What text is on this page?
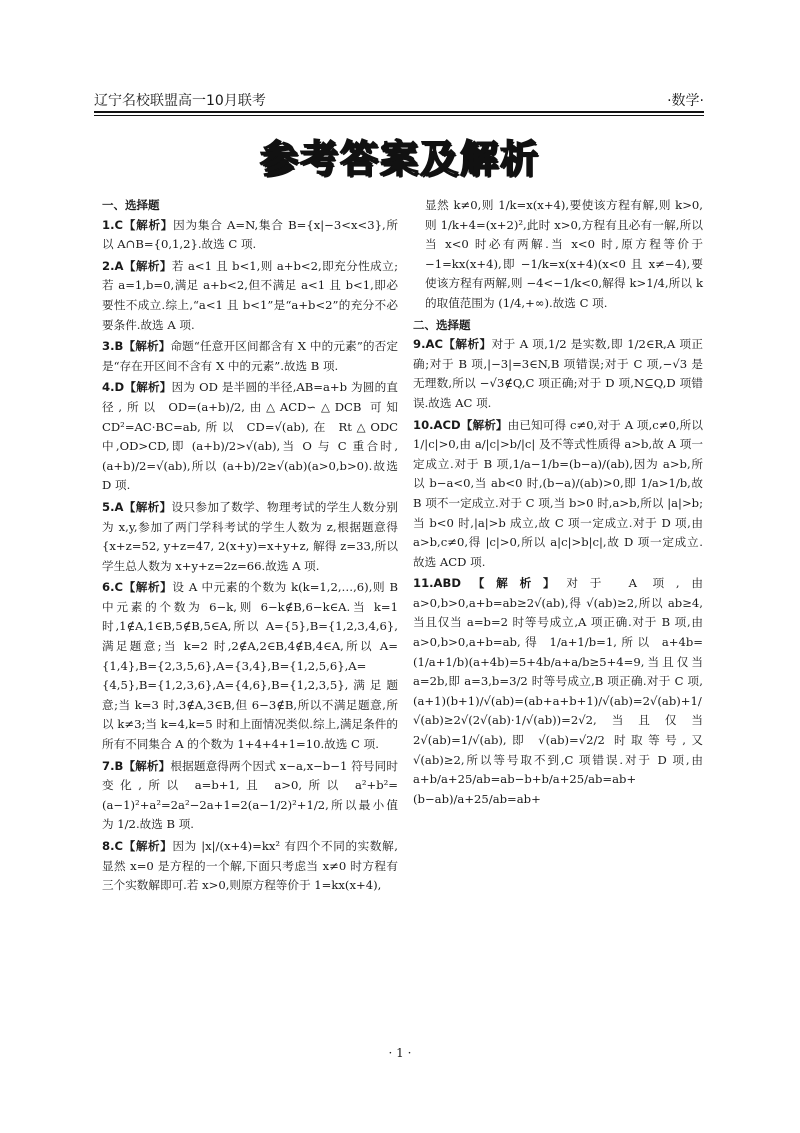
辽宁名校联盟高一10月联考	·数学·
参考答案及解析

一、选择题

1.C【解析】因为集合 A=N,集合 B={x|−3<x<3},所以 A∩B={0,1,2}.故选 C 项.

2.A【解析】若 a<1 且 b<1,则 a+b<2,即充分性成立;若 a=1,b=0,满足 a+b<2,但不满足 a<1 且 b<1,即必要性不成立.综上,“a<1 且 b<1”是“a+b<2”的充分不必要条件.故选 A 项.

3.B【解析】命题“任意开区间都含有 X 中的元素”的否定是“存在开区间不含有 X 中的元素”.故选 B 项.

4.D【解析】因为 OD 是半圆的半径,AB=a+b 为圆的直径,所以 OD=(a+b)/2,由△ACD∽△DCB 可知 CD²=AC·BC=ab,所以 CD=√(ab),在 Rt△ODC 中,OD>CD,即 (a+b)/2>√(ab),当 O 与 C 重合时,(a+b)/2=√(ab),所以 (a+b)/2≥√(ab)(a>0,b>0).故选 D 项.

5.A【解析】设只参加了数学、物理考试的学生人数分别为 x,y,参加了两门学科考试的学生人数为 z,根据题意得 {x+z=52, y+z=47, 2(x+y)=x+y+z, 解得 z=33,所以学生总人数为 x+y+z=2z=66.故选 A 项.

6.C【解析】设 A 中元素的个数为 k(k=1,2,…,6),则 B 中元素的个数为 6−k,则 6−k∉B,6−k∈A.当 k=1 时,1∉A,1∈B,5∉B,5∈A,所以 A={5},B={1,2,3,4,6},满足题意;当 k=2 时,2∉A,2∈B,4∉B,4∈A,所以 A={1,4},B={2,3,5,6},A={3,4},B={1,2,5,6},A={4,5},B={1,2,3,6},A={4,6},B={1,2,3,5},满足题意;当 k=3 时,3∉A,3∈B,但 6−3∉B,所以不满足题意,所以 k≠3;当 k=4,k=5 时和上面情况类似.综上,满足条件的所有不同集合 A 的个数为 1+4+4+1=10.故选 C 项.

7.B【解析】根据题意得两个因式 x−a,x−b−1 符号同时变化,所以 a=b+1,且 a>0,所以 a²+b²=(a−1)²+a²=2a²−2a+1=2(a−1/2)²+1/2,所以最小值为 1/2.故选 B 项.

8.C【解析】因为 |x|/(x+4)=kx² 有四个不同的实数解,显然 x=0 是方程的一个解,下面只考虑当 x≠0 时方程有三个实数解即可.若 x>0,则原方程等价于 1=kx(x+4),

显然 k≠0,则 1/k=x(x+4),要使该方程有解,则 k>0,则 1/k+4=(x+2)²,此时 x>0,方程有且必有一解,所以当 x<0 时必有两解.当 x<0 时,原方程等价于 −1=kx(x+4),即 −1/k=x(x+4)(x<0 且 x≠−4),要使该方程有两解,则 −4<−1/k<0,解得 k>1/4,所以 k 的取值范围为 (1/4,+∞).故选 C 项.

二、选择题

9.AC【解析】对于 A 项,1/2 是实数,即 1/2∈R,A 项正确;对于 B 项,|−3|=3∈N,B 项错误;对于 C 项,−√3 是无理数,所以 −√3∉Q,C 项正确;对于 D 项,N⊆Q,D 项错误.故选 AC 项.

10.ACD【解析】由已知可得 c≠0,对于 A 项,c≠0,所以 1/|c|>0,由 a/|c|>b/|c| 及不等式性质得 a>b,故 A 项一定成立.对于 B 项,1/a−1/b=(b−a)/(ab),因为 a>b,所以 b−a<0,当 ab<0 时,(b−a)/(ab)>0,即 1/a>1/b,故 B 项不一定成立.对于 C 项,当 b>0 时,a>b,所以 |a|>b;当 b<0 时,|a|>b 成立,故 C 项一定成立.对于 D 项,由 a>b,c≠0,得 |c|>0,所以 a|c|>b|c|,故 D 项一定成立.故选 ACD 项.

11.ABD【解析】对于 A 项,由 a>0,b>0,a+b=ab≥2√(ab),得 √(ab)≥2,所以 ab≥4,当且仅当 a=b=2 时等号成立,A 项正确.对于 B 项,由 a>0,b>0,a+b=ab,得 1/a+1/b=1,所以 a+4b=(1/a+1/b)(a+4b)=5+4b/a+a/b≥5+4=9,当且仅当 a=2b,即 a=3,b=3/2 时等号成立,B 项正确.对于 C 项,(a+1)(b+1)/√(ab)=(ab+a+b+1)/√(ab)=2√(ab)+1/√(ab)≥2√(2√(ab)·1/√(ab))=2√2,当且仅当 2√(ab)=1/√(ab),即 √(ab)=√2/2 时取等号,又 √(ab)≥2,所以等号取不到,C 项错误.对于 D 项,由 a+b/a+25/ab=ab−b+b/a+25/ab=ab+(b−ab)/a+25/ab=ab+

· 1 ·
